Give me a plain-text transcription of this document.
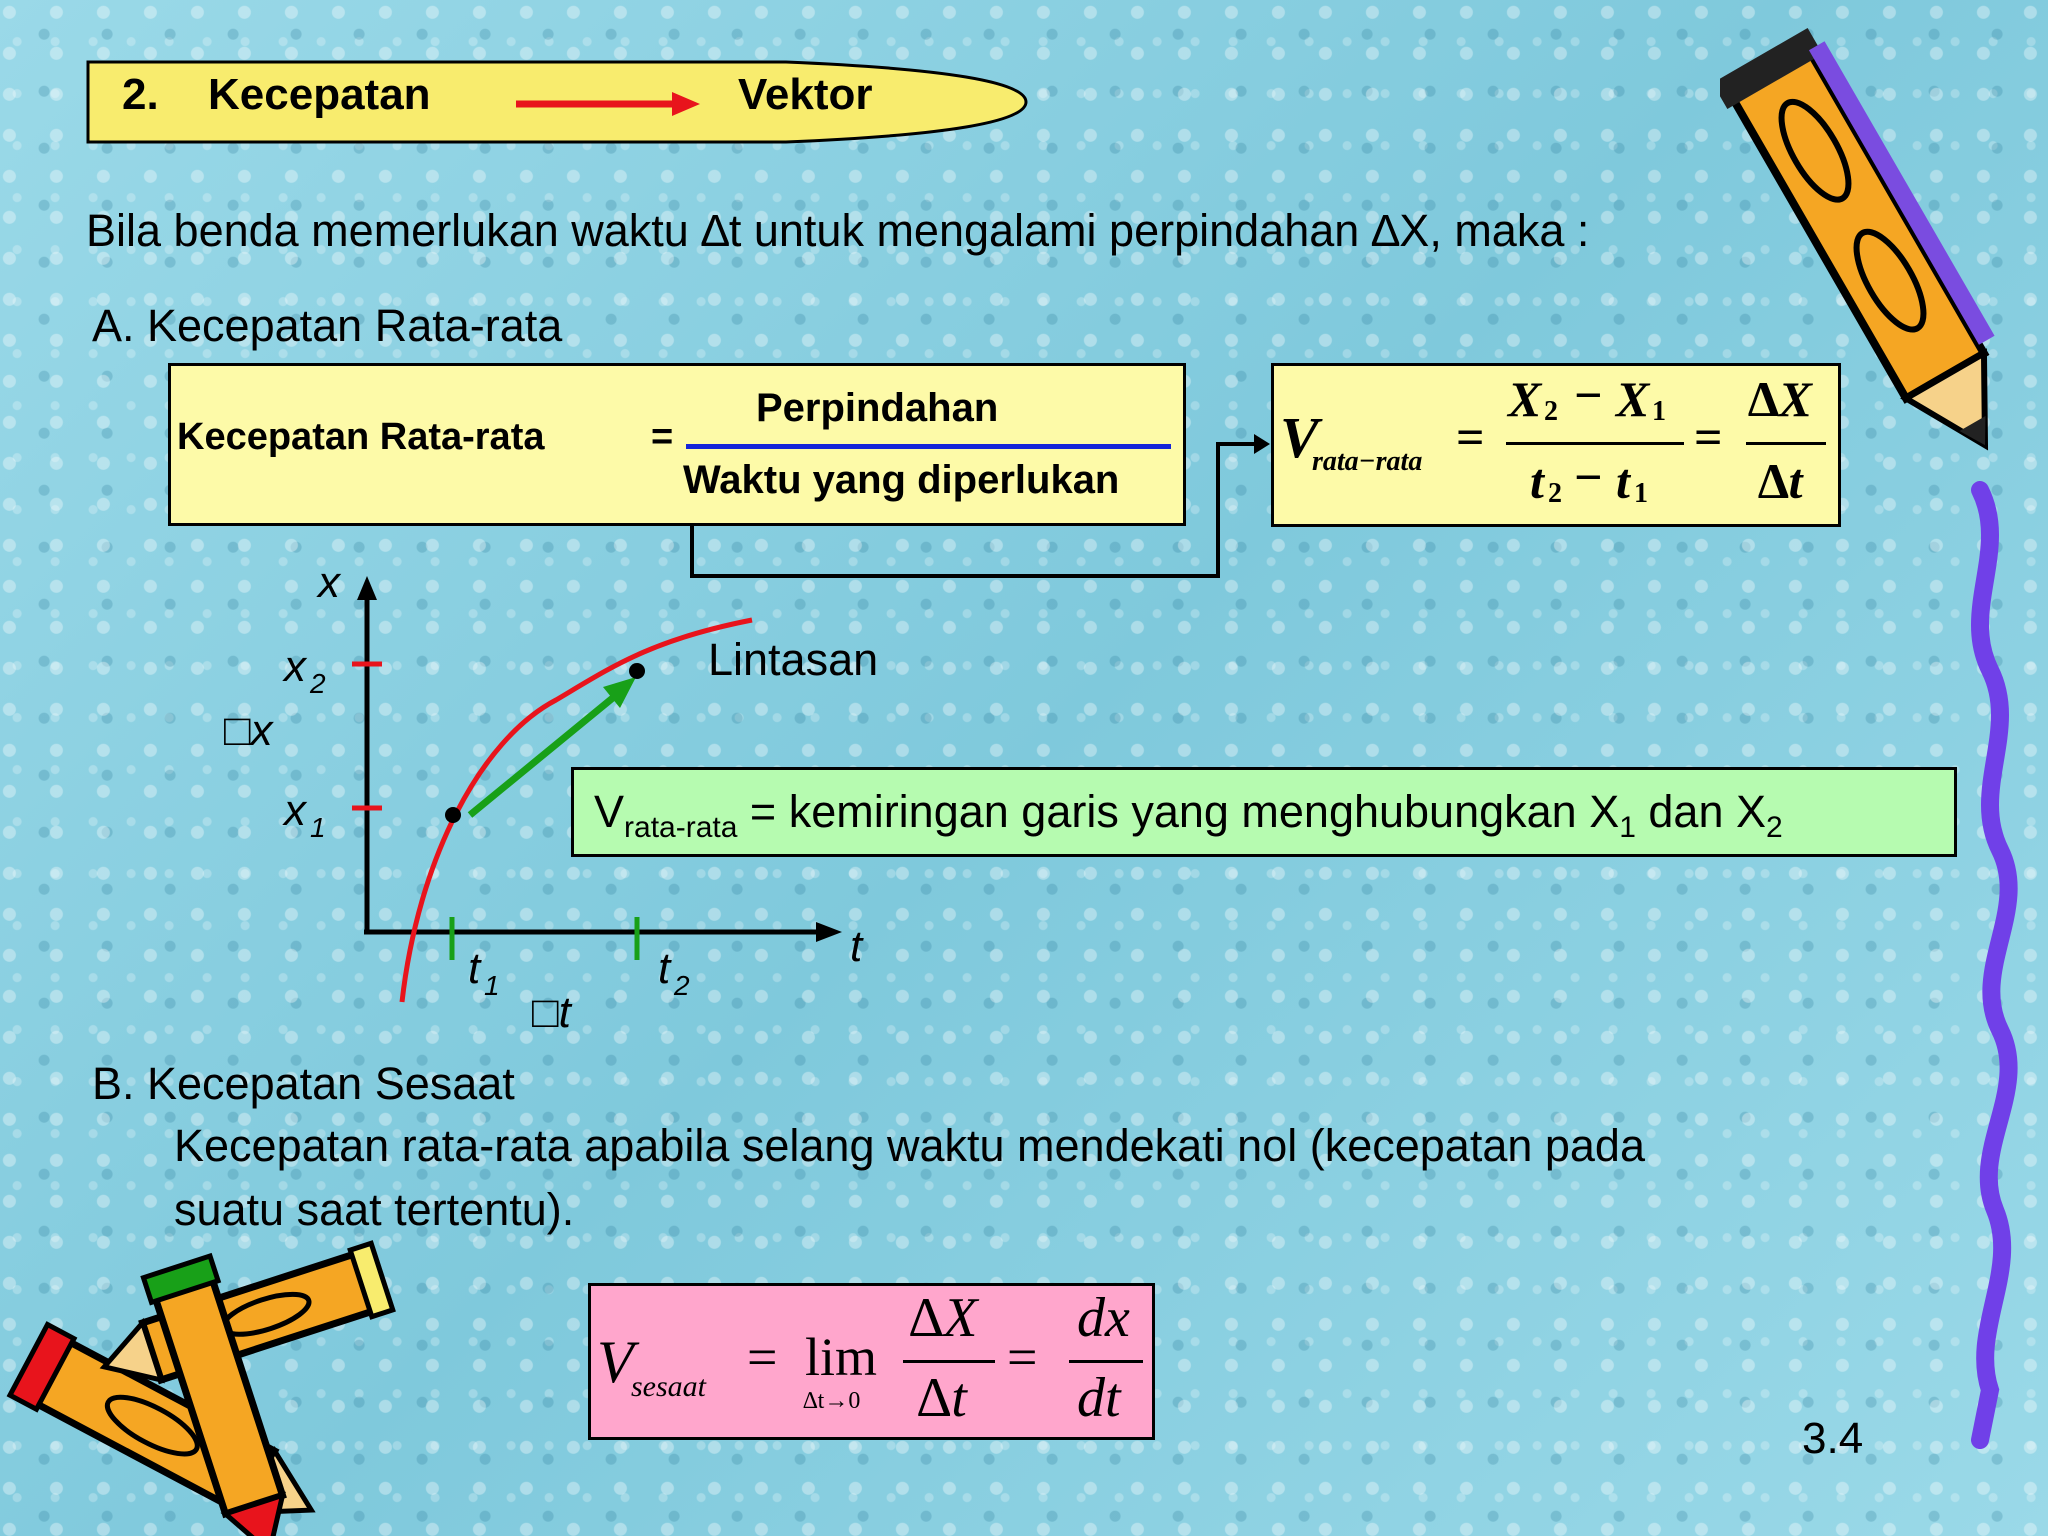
2. Kecepatan	Vektor
Bila benda memerlukan waktu ∆t untuk mengalami perpindahan ∆X, maka :
A. Kecepatan Rata-rata
Kecepatan Rata-rata	=
Perpindahan
Waktu yang diperlukan
V
rata−rata =
X 2 − X 1
t 2 − t 1
=
∆X
∆t
x
t
x 2
□x
x 1
t 1	t 2
□t
Lintasan
$V_{rata-rata}$ = kemiringan garis yang menghubungkan $X_1$ dan $X_2$
B. Kecepatan Sesaat
Kecepatan rata-rata apabila selang waktu mendekati nol (kecepatan pada
suatu saat tertentu).
V
sesaat = lim
∆t→0
∆X
∆t
=
dx
dt
3.4
